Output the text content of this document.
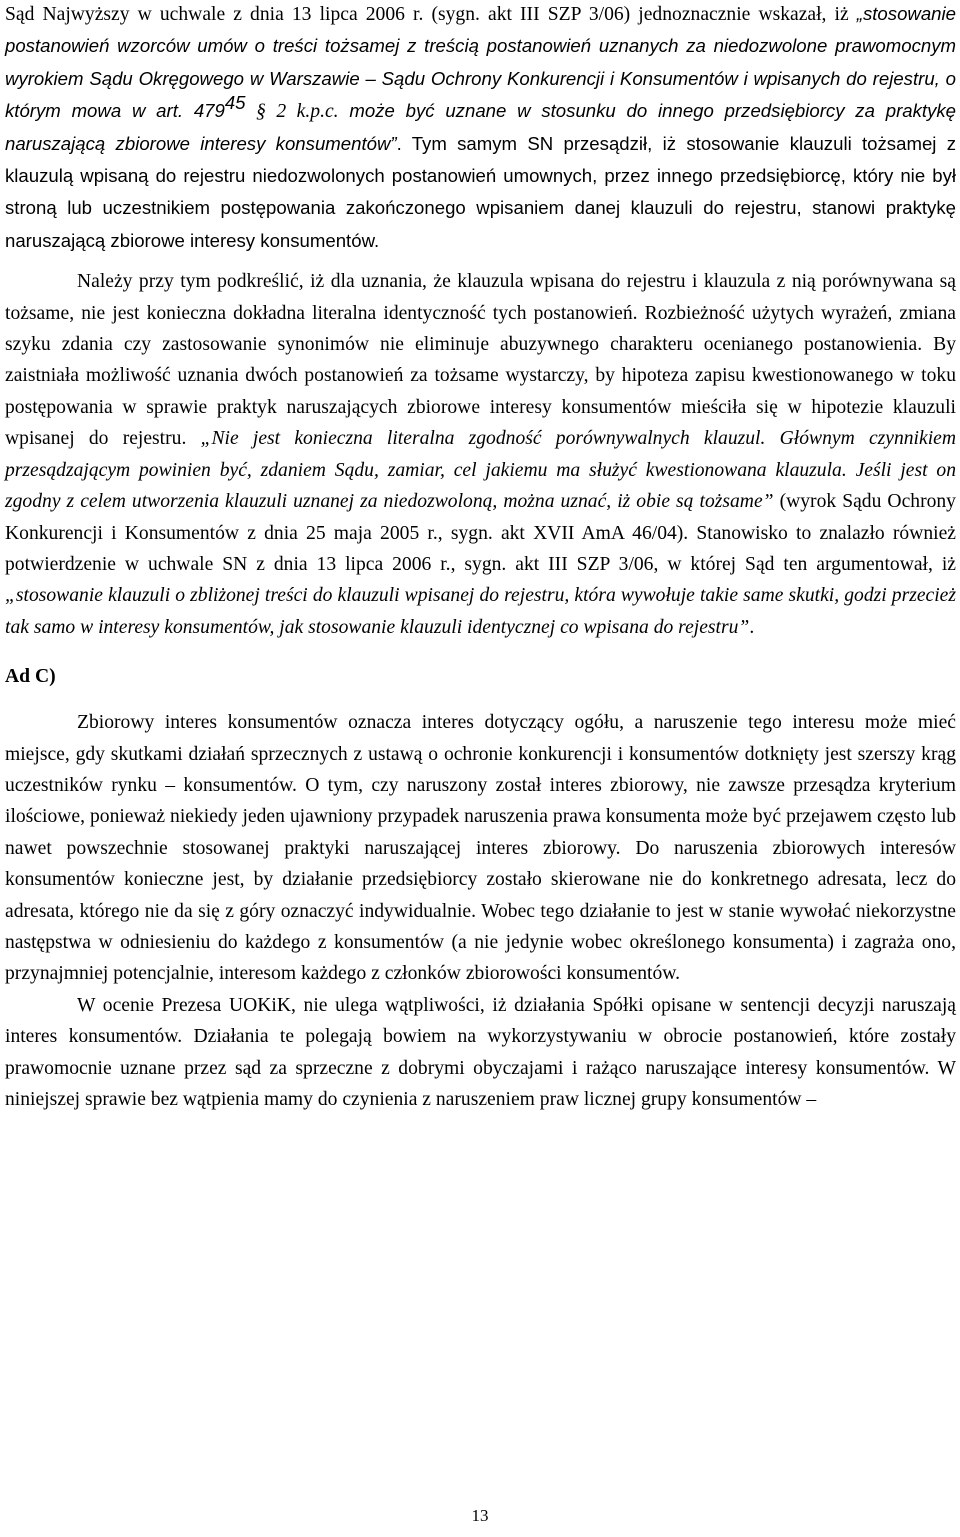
Sąd Najwyższy w uchwale z dnia 13 lipca 2006 r. (sygn. akt III SZP 3/06) jednoznacznie wskazał, iż „stosowanie postanowień wzorców umów o treści tożsamej z treścią postanowień uznanych za niedozwolone prawomocnym wyrokiem Sądu Okręgowego w Warszawie – Sądu Ochrony Konkurencji i Konsumentów i wpisanych do rejestru, o którym mowa w art. $479^{45}$ § 2 k.p.c. może być uznane w stosunku do innego przedsiębiorcy za praktykę naruszającą zbiorowe interesy konsumentów”. Tym samym SN przesądził, iż stosowanie klauzuli tożsamej z klauzulą wpisaną do rejestru niedozwolonych postanowień umownych, przez innego przedsiębiorcę, który nie był stroną lub uczestnikiem postępowania zakończonego wpisaniem danej klauzuli do rejestru, stanowi praktykę naruszającą zbiorowe interesy konsumentów.

Należy przy tym podkreślić, iż dla uznania, że klauzula wpisana do rejestru i klauzula z nią porównywana są tożsame, nie jest konieczna dokładna literalna identyczność tych postanowień. Rozbieżność użytych wyrażeń, zmiana szyku zdania czy zastosowanie synonimów nie eliminuje abuzywnego charakteru ocenianego postanowienia. By zaistniała możliwość uznania dwóch postanowień za tożsame wystarczy, by hipoteza zapisu kwestionowanego w toku postępowania w sprawie praktyk naruszających zbiorowe interesy konsumentów mieściła się w hipotezie klauzuli wpisanej do rejestru. „Nie jest konieczna literalna zgodność porównywalnych klauzul. Głównym czynnikiem przesądzającym powinien być, zdaniem Sądu, zamiar, cel jakiemu ma służyć kwestionowana klauzula. Jeśli jest on zgodny z celem utworzenia klauzuli uznanej za niedozwoloną, można uznać, iż obie są tożsame” (wyrok Sądu Ochrony Konkurencji i Konsumentów z dnia 25 maja 2005 r., sygn. akt XVII AmA 46/04). Stanowisko to znalazło również potwierdzenie w uchwale SN z dnia 13 lipca 2006 r., sygn. akt III SZP 3/06, w której Sąd ten argumentował, iż „stosowanie klauzuli o zbliżonej treści do klauzuli wpisanej do rejestru, która wywołuje takie same skutki, godzi przecież tak samo w interesy konsumentów, jak stosowanie klauzuli identycznej co wpisana do rejestru”.

Ad C)

Zbiorowy interes konsumentów oznacza interes dotyczący ogółu, a naruszenie tego interesu może mieć miejsce, gdy skutkami działań sprzecznych z ustawą o ochronie konkurencji i konsumentów dotknięty jest szerszy krąg uczestników rynku – konsumentów. O tym, czy naruszony został interes zbiorowy, nie zawsze przesądza kryterium ilościowe, ponieważ niekiedy jeden ujawniony przypadek naruszenia prawa konsumenta może być przejawem często lub nawet powszechnie stosowanej praktyki naruszającej interes zbiorowy. Do naruszenia zbiorowych interesów konsumentów konieczne jest, by działanie przedsiębiorcy zostało skierowane nie do konkretnego adresata, lecz do adresata, którego nie da się z góry oznaczyć indywidualnie. Wobec tego działanie to jest w stanie wywołać niekorzystne następstwa w odniesieniu do każdego z konsumentów (a nie jedynie wobec określonego konsumenta) i zagraża ono, przynajmniej potencjalnie, interesom każdego z członków zbiorowości konsumentów.

W ocenie Prezesa UOKiK, nie ulega wątpliwości, iż działania Spółki opisane w sentencji decyzji naruszają interes konsumentów. Działania te polegają bowiem na wykorzystywaniu w obrocie postanowień, które zostały prawomocnie uznane przez sąd za sprzeczne z dobrymi obyczajami i rażąco naruszające interesy konsumentów. W niniejszej sprawie bez wątpienia mamy do czynienia z naruszeniem praw licznej grupy konsumentów –

13
